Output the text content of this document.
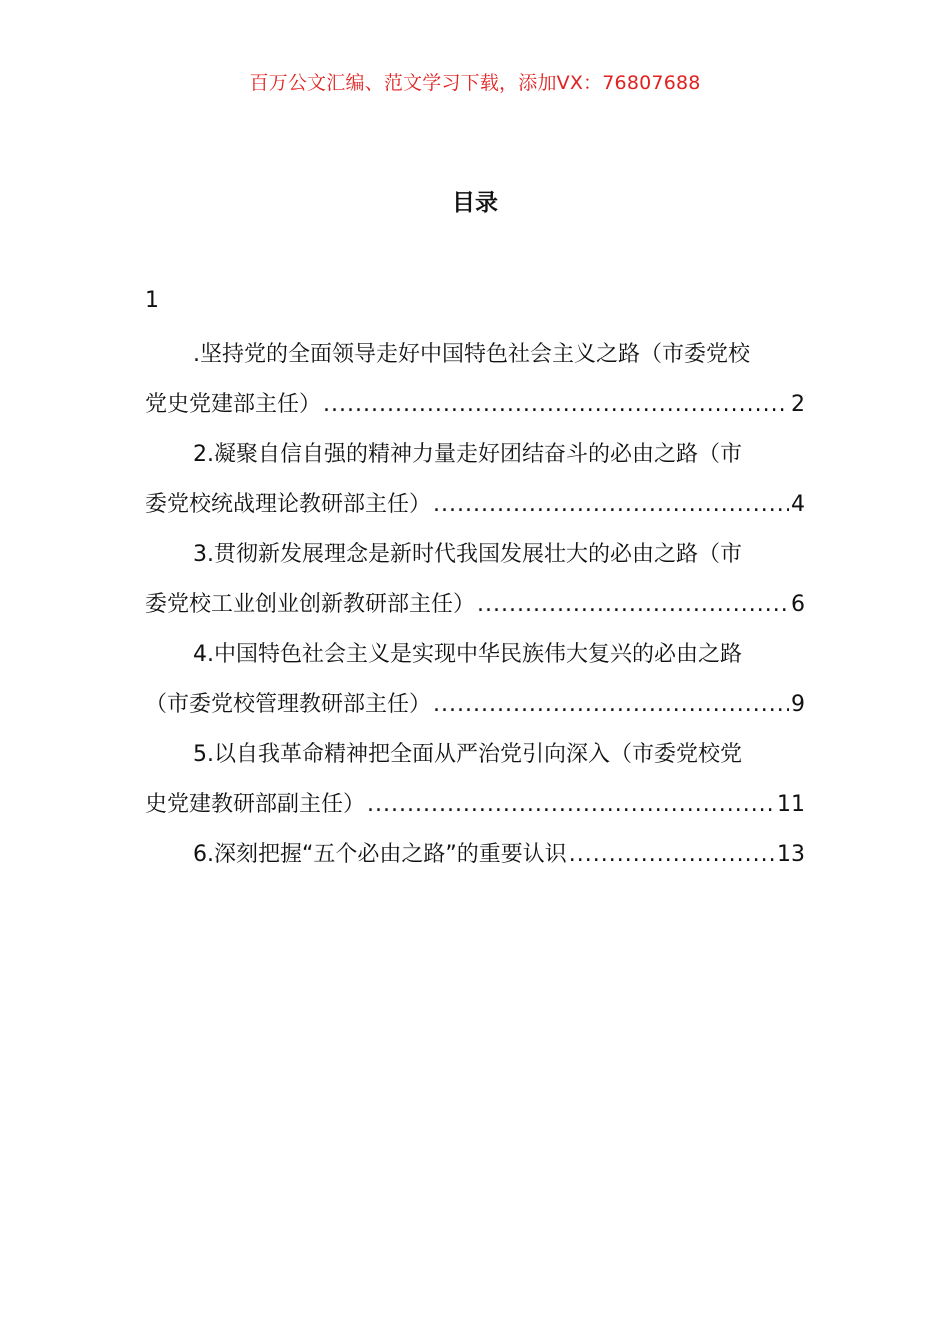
百万公文汇编、范文学习下载，添加VX：76807688
目录
1
.坚持党的全面领导走好中国特色社会主义之路（市委党校
党史党建部主任） .....	2
2.凝聚自信自强的精神力量走好团结奋斗的必由之路（市
委党校统战理论教研部主任） .....	4
3.贯彻新发展理念是新时代我国发展壮大的必由之路（市
委党校工业创业创新教研部主任） .....	6
4.中国特色社会主义是实现中华民族伟大复兴的必由之路
（市委党校管理教研部主任） .....	9
5.以自我革命精神把全面从严治党引向深入（市委党校党
史党建教研部副主任） .....	11
6.深刻把握“五个必由之路”的重要认识 .....	13
